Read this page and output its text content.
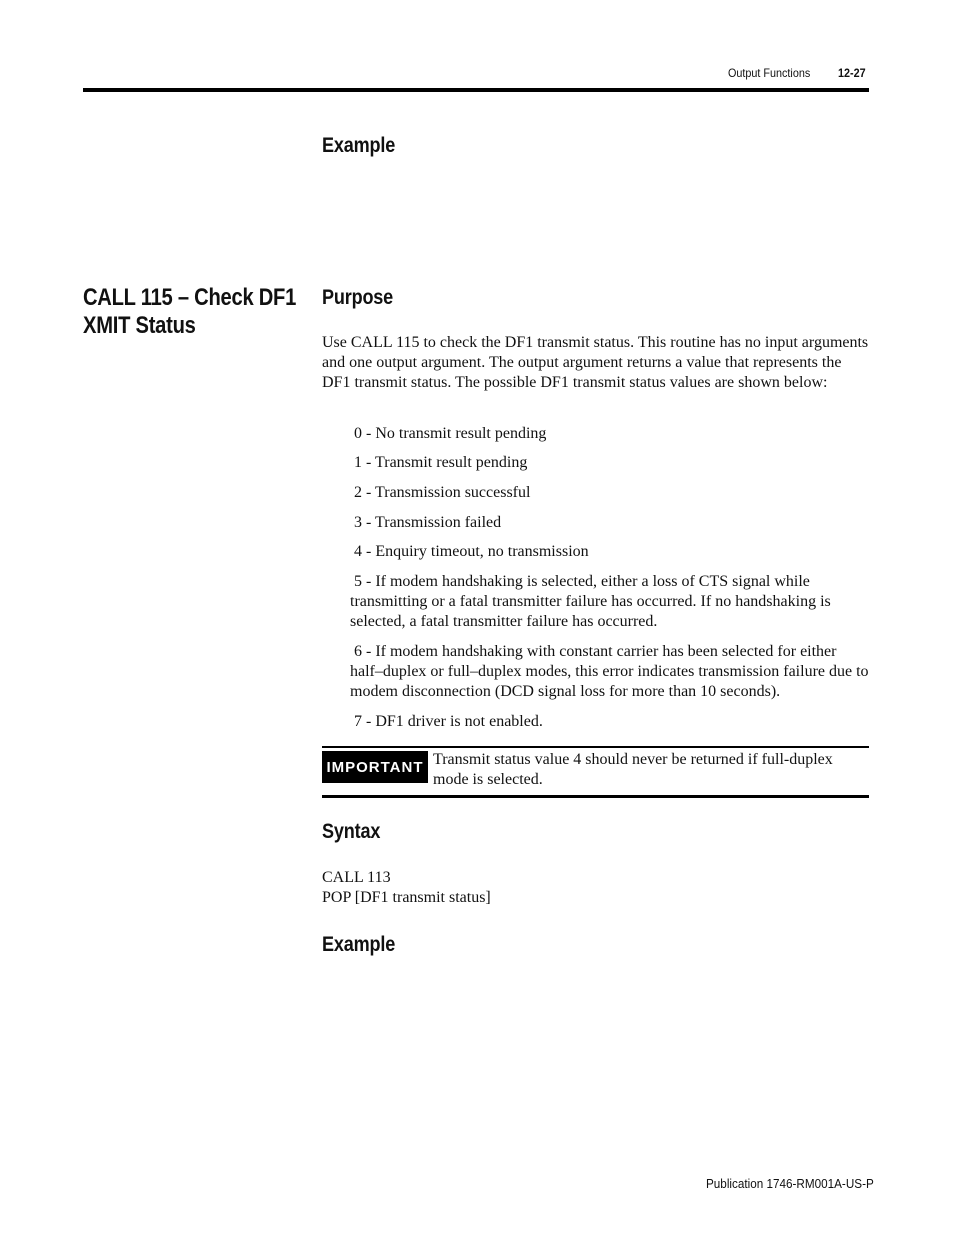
Output Functions 12-27
Example
CALL 115 – Check DF1
XMIT Status
Purpose

Use CALL 115 to check the DF1 transmit status. This routine has no input arguments and one output argument. The output argument returns a value that represents the DF1 transmit status. The possible DF1 transmit status values are shown below:

0 - No transmit result pending

1 - Transmit result pending

2 - Transmission successful

3 - Transmission failed

4 - Enquiry timeout, no transmission

5 - If modem handshaking is selected, either a loss of CTS signal while transmitting or a fatal transmitter failure has occurred. If no handshaking is selected, a fatal transmitter failure has occurred.

6 - If modem handshaking with constant carrier has been selected for either half–duplex or full–duplex modes, this error indicates transmission failure due to modem disconnection (DCD signal loss for more than 10 seconds).

7 - DF1 driver is not enabled.

IMPORTANT Transmit status value 4 should never be returned if full-duplex mode is selected.

Syntax

CALL 113

POP [DF1 transmit status]

Example
Publication 1746-RM001A-US-P
